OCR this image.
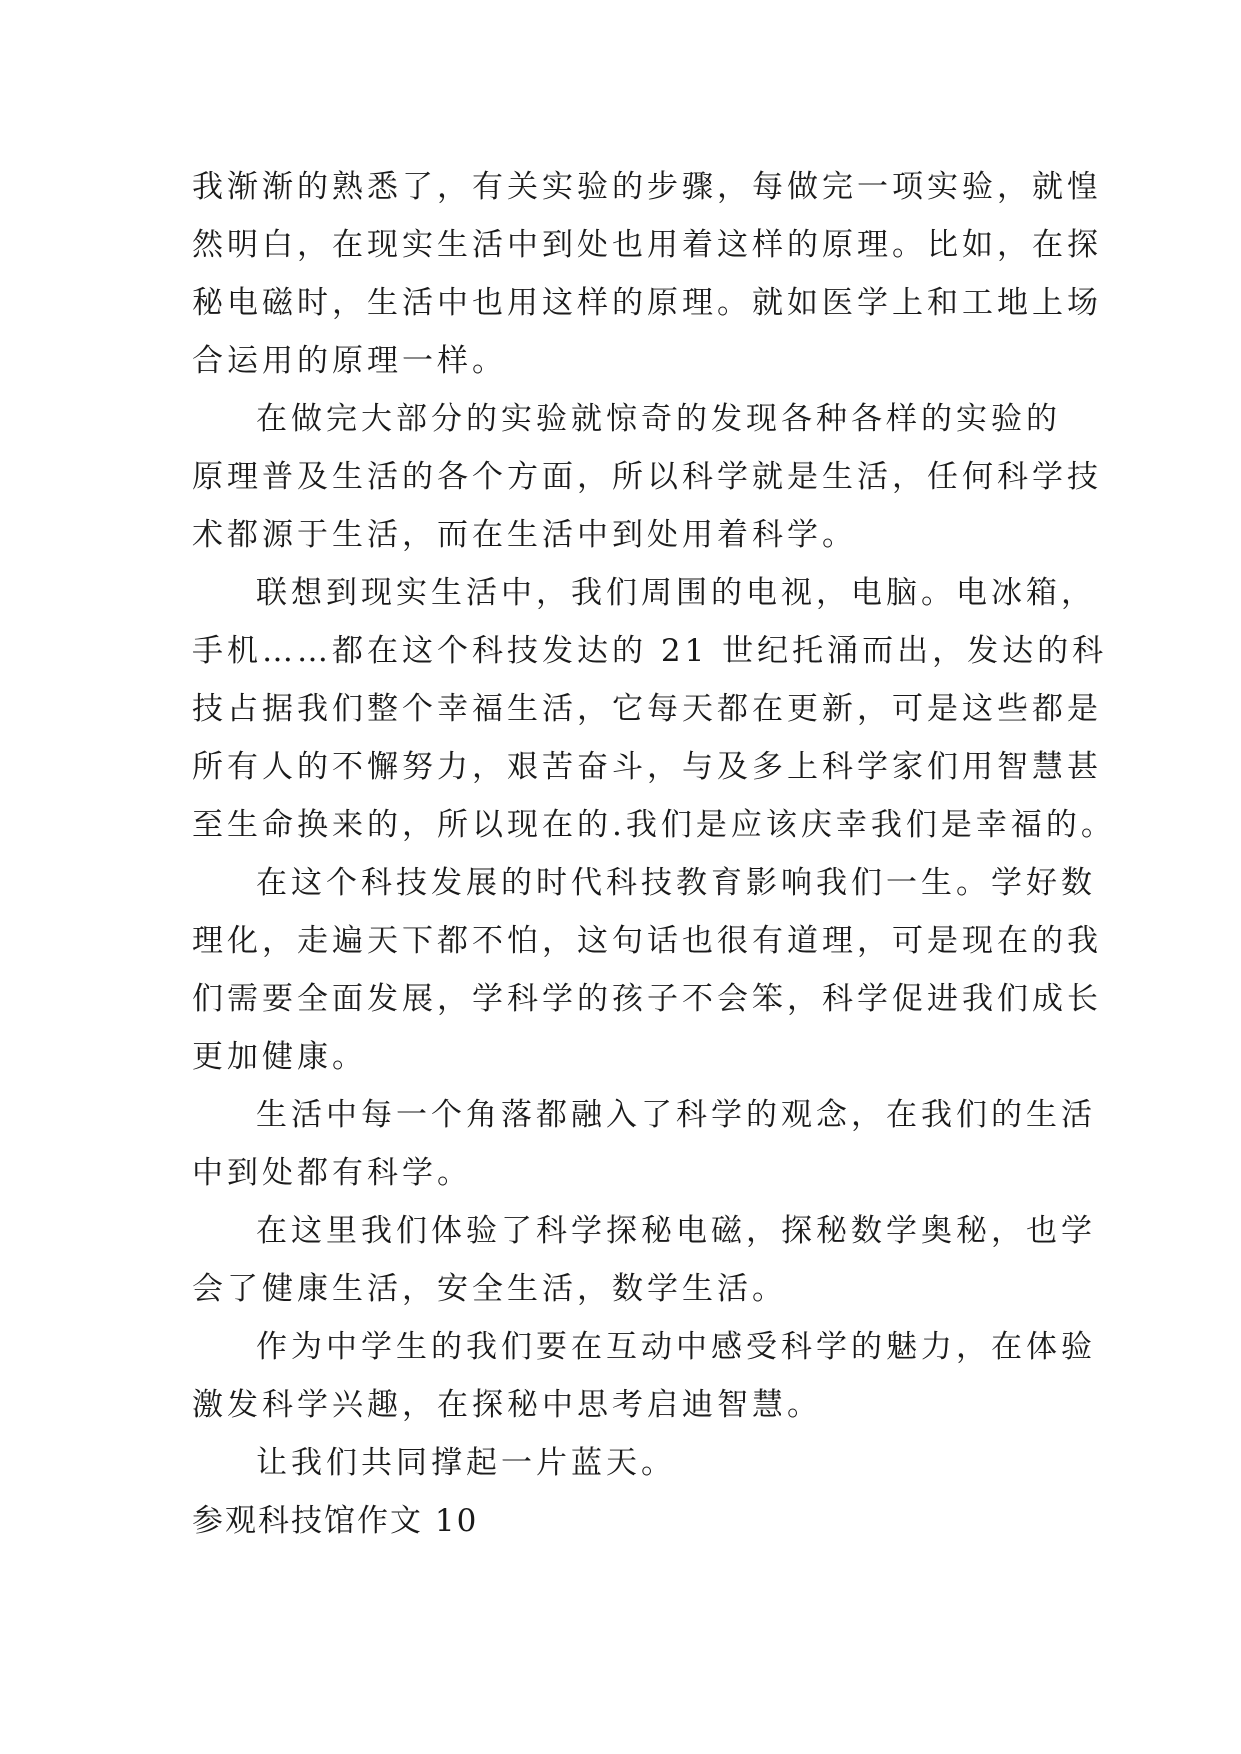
我渐渐的熟悉了，有关实验的步骤，每做完一项实验，就惶

然明白，在现实生活中到处也用着这样的原理。比如，在探

秘电磁时，生活中也用这样的原理。就如医学上和工地上场

合运用的原理一样。

在做完大部分的实验就惊奇的发现各种各样的实验的

原理普及生活的各个方面，所以科学就是生活，任何科学技

术都源于生活，而在生活中到处用着科学。

联想到现实生活中，我们周围的电视，电脑。电冰箱，

手机……都在这个科技发达的 21 世纪托涌而出，发达的科

技占据我们整个幸福生活，它每天都在更新，可是这些都是

所有人的不懈努力，艰苦奋斗，与及多上科学家们用智慧甚

至生命换来的，所以现在的.我们是应该庆幸我们是幸福的。

在这个科技发展的时代科技教育影响我们一生。学好数

理化，走遍天下都不怕，这句话也很有道理，可是现在的我

们需要全面发展，学科学的孩子不会笨，科学促进我们成长

更加健康。

生活中每一个角落都融入了科学的观念，在我们的生活

中到处都有科学。

在这里我们体验了科学探秘电磁，探秘数学奥秘，也学

会了健康生活，安全生活，数学生活。

作为中学生的我们要在互动中感受科学的魅力，在体验

激发科学兴趣，在探秘中思考启迪智慧。

让我们共同撑起一片蓝天。

参观科技馆作文 10
